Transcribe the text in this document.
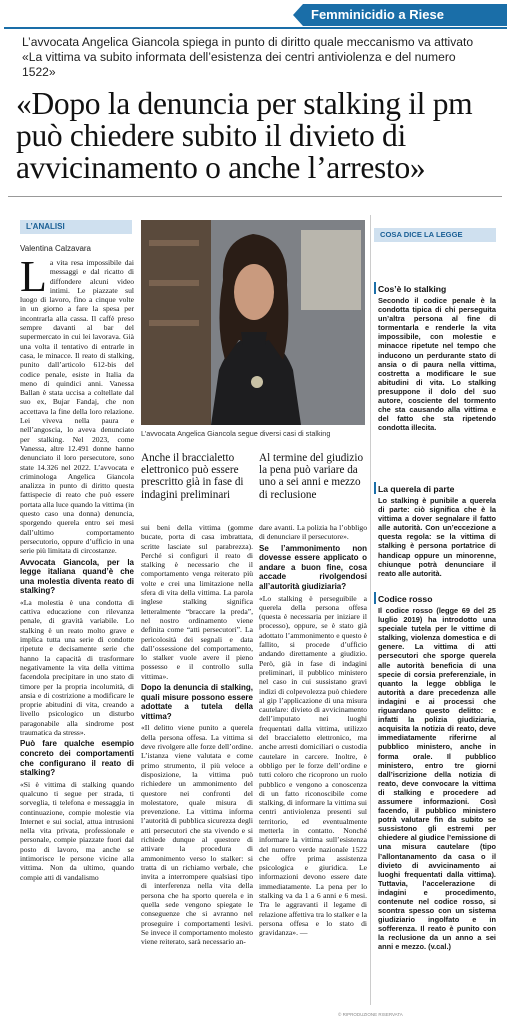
Femminicidio a Riese
L’avvocata Angelica Giancola spiega in punto di diritto quale meccanismo va attivato
«La vittima va subito informata dell’esistenza dei centri antiviolenza e del numero 1522»
«Dopo la denuncia per stalking il pm può chiedere subito il divieto di avvicinamento o anche l’arresto»
L’ANALISI
Valentina Calzavara

La vita resa impossibile dai messaggi e dal ricatto di diffondere alcuni video intimi. Le piazzate sul luogo di lavoro, fino a cinque volte in un giorno a fare la spesa per incontrarla alla cassa. Il caffè preso sempre davanti al bar del supermercato in cui lei lavorava. Già una volta il tentativo di entrarle in casa, le minacce. Il reato di stalking, punito dall’articolo 612-bis del codice penale, esiste in Italia da meno di quindici anni. Vanessa Ballan è stata uccisa a coltellate dal suo ex, Bujar Fandaj, che non accettava la fine della loro relazione. Lei viveva nella paura e nell’angoscia, lo aveva denunciato per stalking. Nel 2023, come Vanessa, altre 12.491 donne hanno denunciato il loro persecutore, sono state 14.326 nel 2022. L’avvocata e criminologa Angelica Giancola analizza in punto di diritto questa fattispecie di reato che può essere portata alla luce quando la vittima (in questo caso una donna) denuncia, sporgendo querela entro sei mesi dall’ultimo comportamento persecutorio, oppure d’ufficio in una serie più limitata di circostanze.

Avvocata Giancola, per la legge italiana quand’è che una molestia diventa reato di stalking?

«La molestia è una condotta di cattiva educazione con rilevanza penale, di gravità variabile. Lo stalking è un reato molto grave e implica tutta una serie di condotte ripetute e decisamente serie che hanno la capacità di trasformare negativamente la vita della vittima facendola precipitare in uno stato di timore per la propria incolumità, di ansia e di costrizione a modificare le proprie abitudini di vita, creando a livello psicologico un disturbo paragonabile alla sindrome post traumatica da stress».

Può fare qualche esempio concreto dei comportamenti che configurano il reato di stalking?

«Si è vittima di stalking quando qualcuno ti segue per strada, ti sorveglia, ti telefona e messaggia in continuazione, compie molestie via Internet e sui social, attua intrusioni nella vita privata, professionale e personale, compie piazzate fuori dal posto di lavoro, ma anche se intimorisce le persone vicine alla vittima. Non da ultimo, quando compie atti di vandalismo

L’avvocata Angelica Giancola segue diversi casi di stalking
Anche il braccialetto elettronico può essere prescritto già in fase di indagini preliminari
Al termine del giudizio la pena può variare da uno a sei anni e mezzo di reclusione

sui beni della vittima (gomme bucate, porta di casa imbrattata, scritte lasciate sul parabrezza). Perché si configuri il reato di stalking è necessario che il comportamento venga reiterato più volte e crei una limitazione nella sfera di vita della vittima. La parola inglese stalking significa letteralmente “braccare la preda”, nel nostro ordinamento viene definita come “atti persecutori”. La pericolosità dei segnali e data dall’ossessione del comportamento, lo stalker vuole avere il pieno possesso e il controllo sulla vittima».

Dopo la denuncia di stalking, quali misure possono essere adottate a tutela della vittima?

«Il delitto viene punito a querela della persona offesa. La vittima si deve rivolgere alle forze dell’ordine. L’istanza viene valutata e come primo strumento, il più veloce a disposizione, la vittima può richiedere un ammonimento del questore nei confronti del molestatore, quale misura di prevenzione. La vittima informa l’autorità di pubblica sicurezza degli atti persecutori che sta vivendo e si richiede dunque al questore di attivare la procedura di ammonimento verso lo stalker: si tratta di un richiamo verbale, che invita a interrompere qualsiasi tipo di interferenza nella vita della persona che ha sporto querela e in quella sede vengono spiegate le conseguenze che si avranno nel proseguire i comportamenti lesivi. Se invece il comportamento molesto viene reiterato, sarà necessario an-

dare avanti. La polizia ha l’obbligo di denunciare il persecutore».

Se l’ammonimento non dovesse essere applicato o andare a buon fine, cosa accade rivolgendosi all’autorità giudiziaria?

«Lo stalking è perseguibile a querela della persona offesa (questa è necessaria per iniziare il processo), oppure, se è stato già adottato l’ammonimento e questo è fallito, si procede d’ufficio andando direttamente a giudizio. Però, già in fase di indagini preliminari, il pubblico ministero nel caso in cui sussistano gravi indizi di colpevolezza può chiedere al gip l’applicazione di una misura cautelare: divieto di avvicinamento dell’imputato nei luoghi frequentati dalla vittima, utilizzo del braccialetto elettronico, ma anche arresti domiciliari o custodia cautelare in carcere. Inoltre, è obbligo per le forze dell’ordine e tutti coloro che ricoprono un ruolo pubblico e vengono a conoscenza di un fatto riconoscibile come stalking, di informare la vittima sui centri antiviolenza presenti sul territorio, ed eventualmente metterla in contatto. Nonché informare la vittima sull’esistenza del numero verde nazionale 1522 che offre prima assistenza psicologica e giuridica. Le informazioni devono essere date immediatamente. La pena per lo stalking va da 1 a 6 anni e 6 mesi. Tra le aggravanti il legame di relazione affettiva tra lo stalker e la persona offesa e lo stato di gravidanza». —

COSA DICE LA LEGGE
Cos’è lo stalking
Secondo il codice penale è la condotta tipica di chi perseguita un’altra persona al fine di tormentarla e renderle la vita impossibile, con molestie e minacce ripetute nel tempo che inducono un perdurante stato di ansia o di paura nella vittima, costretta a modificare le sue abitudini di vita. Lo stalking presuppone il dolo del suo autore, cosciente del tormento che sta causando alla vittima e del fatto che sta ripetendo condotta illecita.
La querela di parte
Lo stalking è punibile a querela di parte: ciò significa che è la vittima a dover segnalare il fatto alle autorità. Con un’eccezione a questa regola: se la vittima di stalking è persona portatrice di handicap oppure un minorenne, chiunque potrà denunciare il reato alle autorità.
Codice rosso
Il codice rosso (legge 69 del 25 luglio 2019) ha introdotto una speciale tutela per le vittime di stalking, violenza domestica e di genere. La vittima di atti persecutori che sporge querela alle autorità beneficia di una specie di corsia preferenziale, in quanto la legge obbliga le autorità a dare precedenza alle indagini e ai processi che riguardano questo delitto: e infatti la polizia giudiziaria, acquisita la notizia di reato, deve immediatamente riferirne al pubblico ministero, anche in forma orale. Il pubblico ministero, entro tre giorni dall’iscrizione della notizia di reato, deve convocare la vittima di stalking e procedere ad assumere informazioni. Così facendo, il pubblico ministero potrà valutare fin da subito se sussistono gli estremi per chiedere al giudice l’emissione di una misura cautelare (tipo l’allontanamento da casa o il divieto di avvicinamento ai luoghi frequentati dalla vittima). Tuttavia, l’accelerazione di indagini e procedimento, contenute nel codice rosso, si scontra spesso con un sistema giudiziario ingolfato e in sofferenza. Il reato è punito con la reclusione da un anno a sei anni e mezzo. (v.cal.)
© RIPRODUZIONE RISERVATA
